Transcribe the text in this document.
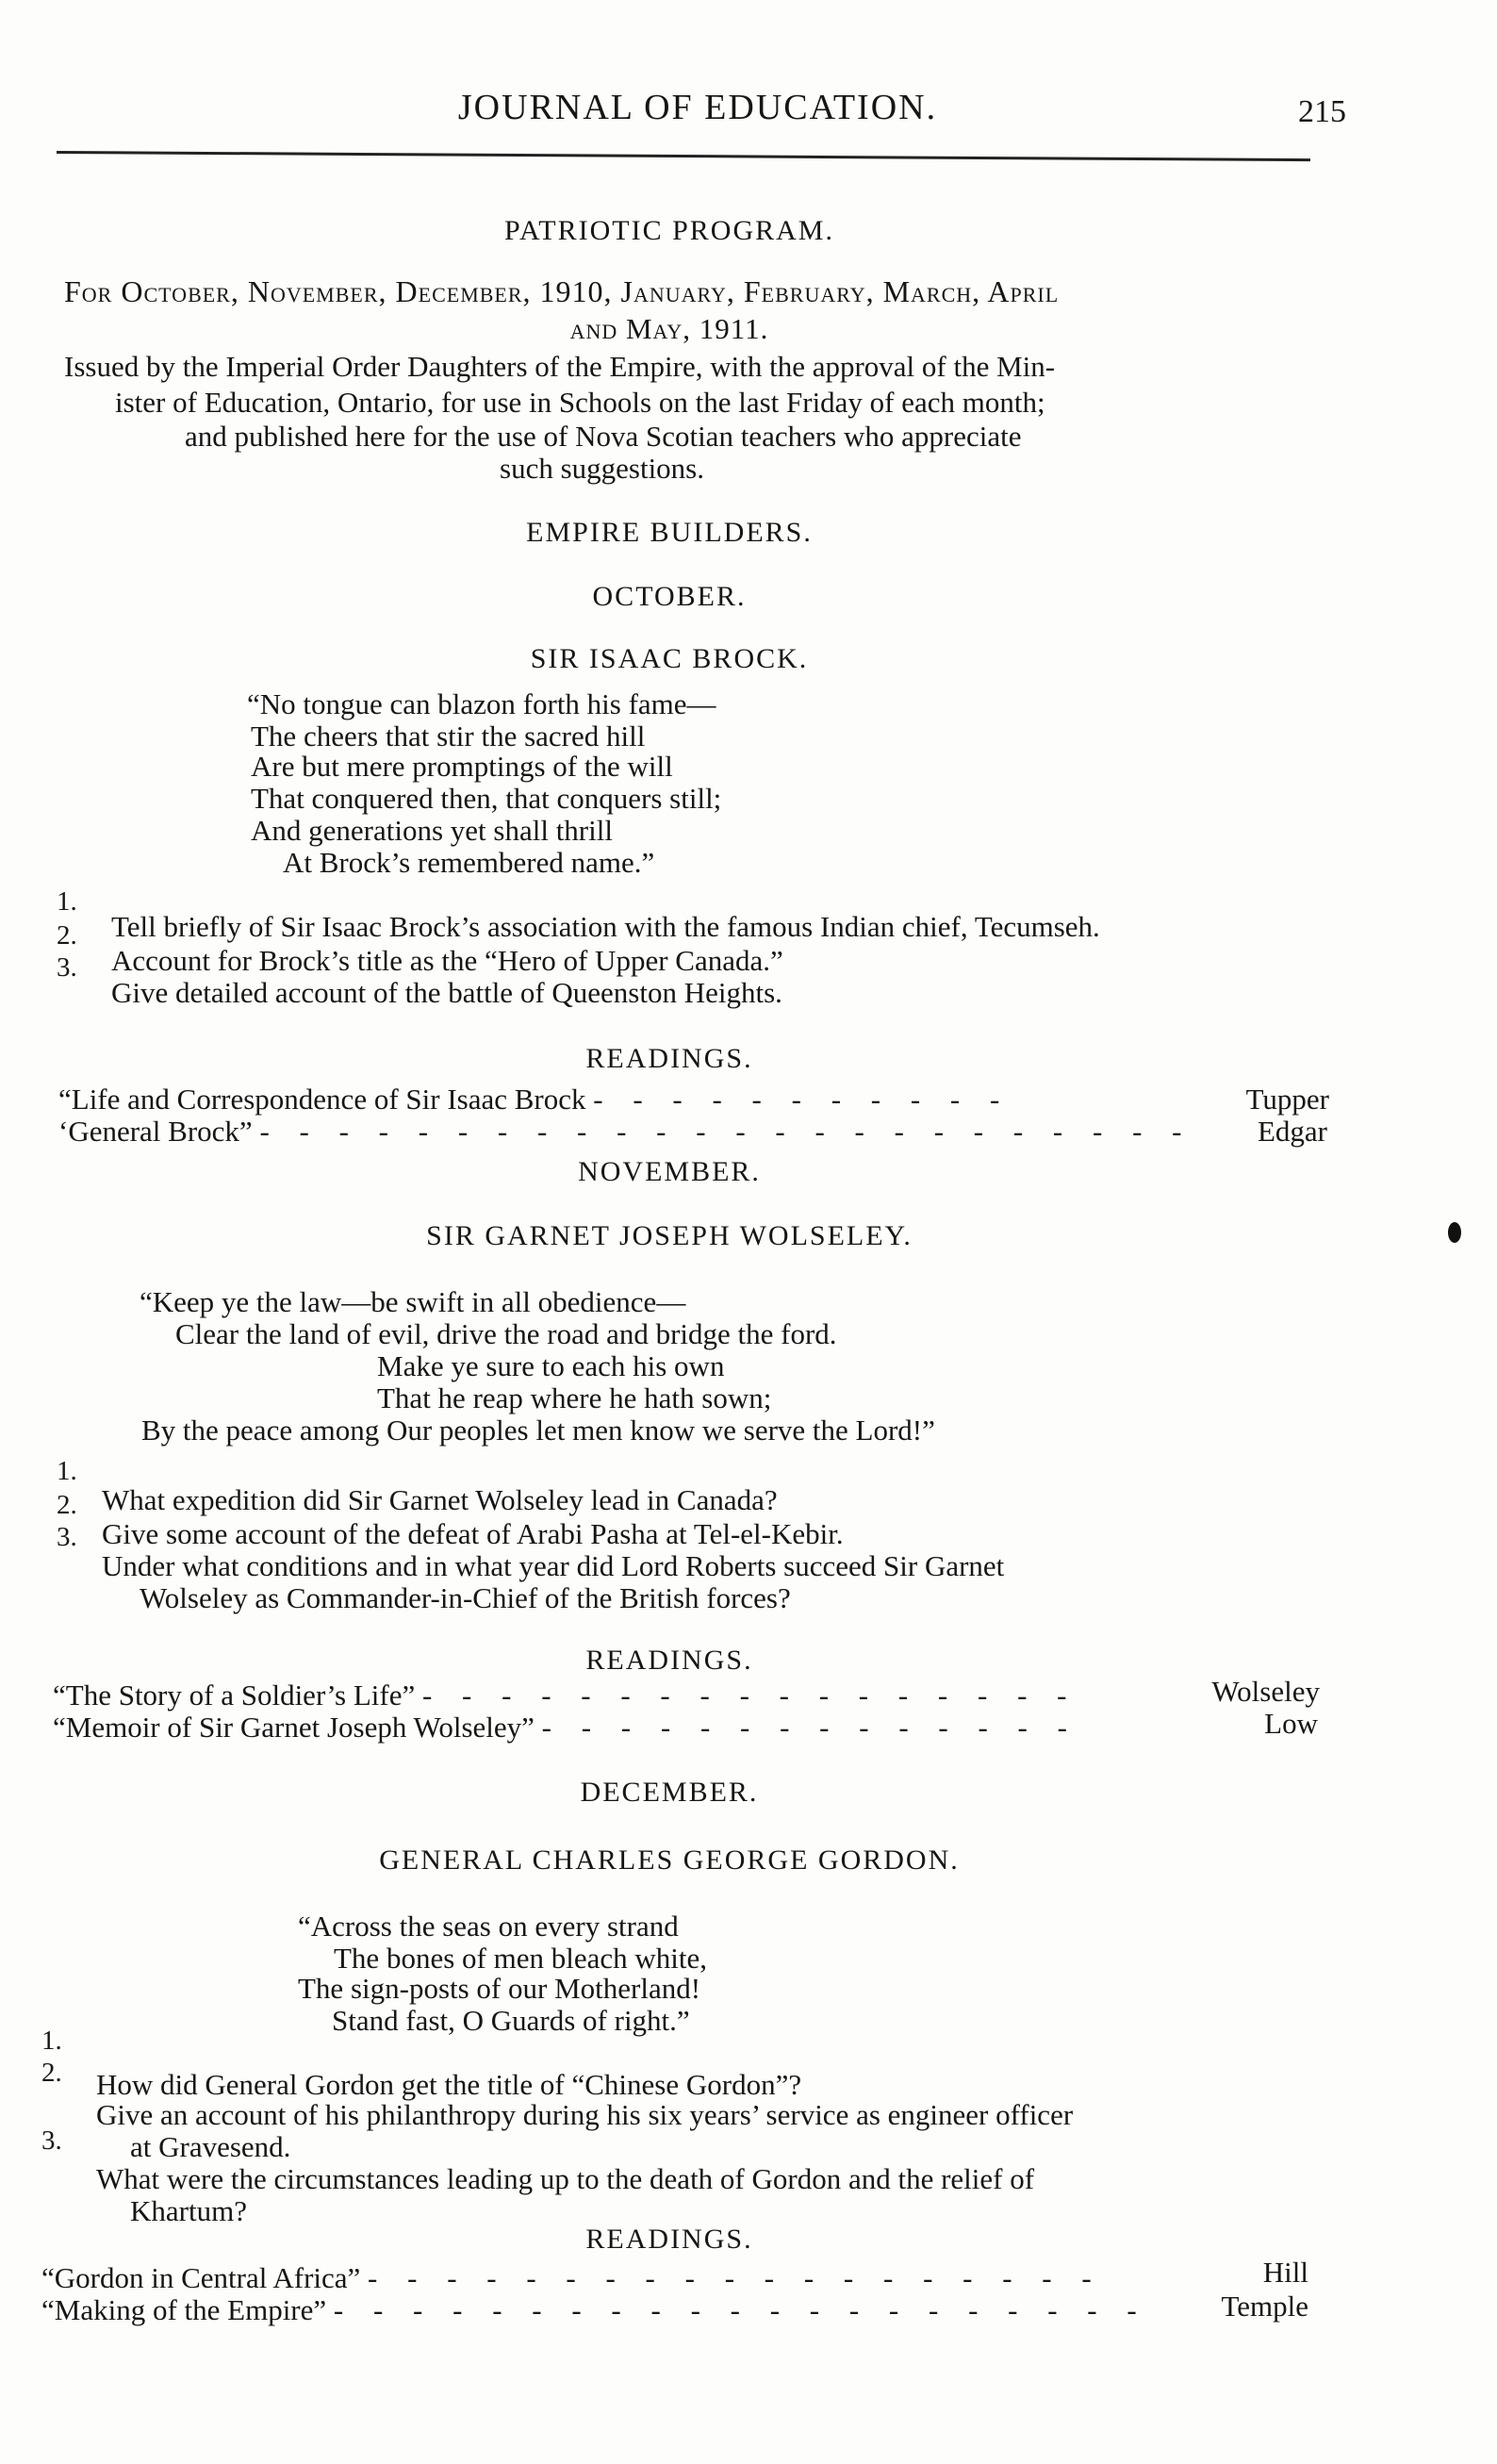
JOURNAL OF EDUCATION.	215
PATRIOTIC PROGRAM.
For October, November, December, 1910, January, February, March, April
and May, 1911.
Issued by the Imperial Order Daughters of the Empire, with the approval of the Min-
ister of Education, Ontario, for use in Schools on the last Friday of each month;
and published here for the use of Nova Scotian teachers who appreciate
such suggestions.
EMPIRE BUILDERS.
OCTOBER.
SIR ISAAC BROCK.
“No tongue can blazon forth his fame—
The cheers that stir the sacred hill
Are but mere promptings of the will
That conquered then, that conquers still;
And generations yet shall thrill
At Brock’s remembered name.”
1.
Tell briefly of Sir Isaac Brock’s association with the famous Indian chief, Tecumseh.
2.
Account for Brock’s title as the “Hero of Upper Canada.”
3.
Give detailed account of the battle of Queenston Heights.
READINGS.
“Life and Correspondence of Sir Isaac Brock - - - - - - - - - - -	Tupper
‘General Brock” - - - - - - - - - - - - - - - - - - - - - - - - Edgar
NOVEMBER.
SIR GARNET JOSEPH WOLSELEY.
“Keep ye the law—be swift in all obedience—
Clear the land of evil, drive the road and bridge the ford.
Make ye sure to each his own
That he reap where he hath sown;
By the peace among Our peoples let men know we serve the Lord!”
1.
What expedition did Sir Garnet Wolseley lead in Canada?
2.
Give some account of the defeat of Arabi Pasha at Tel-el-Kebir.
3.
Under what conditions and in what year did Lord Roberts succeed Sir Garnet
Wolseley as Commander-in-Chief of the British forces?
READINGS.
“The Story of a Soldier’s Life” - - - - - - - - - - - - - - - - -	Wolseley
“Memoir of Sir Garnet Joseph Wolseley” - - - - - - - - - - - - - -	Low
DECEMBER.
GENERAL CHARLES GEORGE GORDON.
“Across the seas on every strand
The bones of men bleach white,
The sign-posts of our Motherland!
Stand fast, O Guards of right.”
1.
How did General Gordon get the title of “Chinese Gordon”?
2.
Give an account of his philanthropy during his six years’ service as engineer officer
at Gravesend.
3.
What were the circumstances leading up to the death of Gordon and the relief of
Khartum?
READINGS.
“Gordon in Central Africa” - - - - - - - - - - - - - - - - - - -	Hill
“Making of the Empire” - - - - - - - - - - - - - - - - - - - - -	Temple
